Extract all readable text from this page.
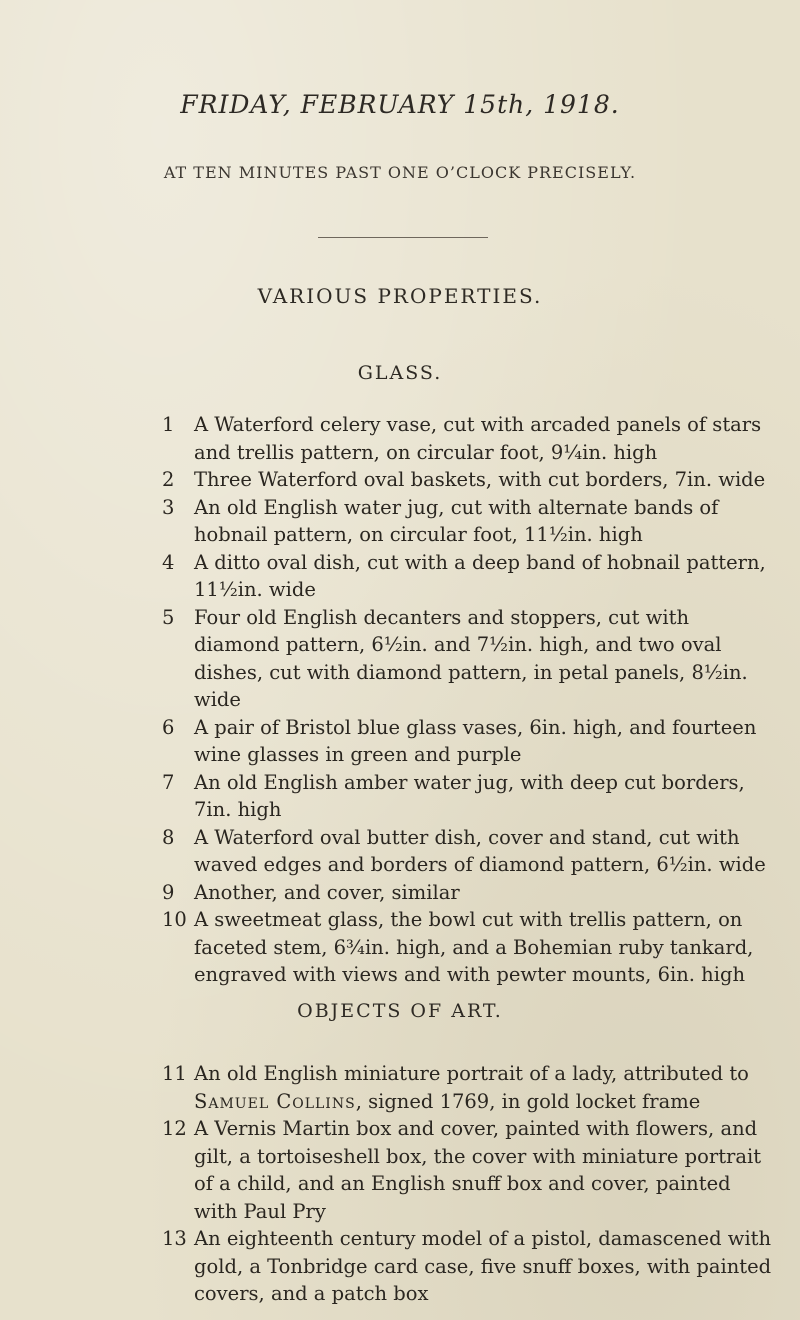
FRIDAY, FEBRUARY 15th, 1918.
AT TEN MINUTES PAST ONE O’CLOCK PRECISELY.
VARIOUS PROPERTIES.
GLASS.
1 A Waterford celery vase, cut with arcaded panels of stars and trellis pattern, on circular foot, 9¼in. high
2 Three Waterford oval baskets, with cut borders, 7in. wide
3 An old English water jug, cut with alternate bands of hobnail pattern, on circular foot, 11½in. high
4 A ditto oval dish, cut with a deep band of hobnail pattern, 11½in. wide
5 Four old English decanters and stoppers, cut with diamond pattern, 6½in. and 7½in. high, and two oval dishes, cut with diamond pattern, in petal panels, 8½in. wide
6 A pair of Bristol blue glass vases, 6in. high, and fourteen wine glasses in green and purple
7 An old English amber water jug, with deep cut borders, 7in. high
8 A Waterford oval butter dish, cover and stand, cut with waved edges and borders of diamond pattern, 6½in. wide
9 Another, and cover, similar
10 A sweetmeat glass, the bowl cut with trellis pattern, on faceted stem, 6¾in. high, and a Bohemian ruby tankard, engraved with views and with pewter mounts, 6in. high
OBJECTS OF ART.
11 An old English miniature portrait of a lady, attributed to Samuel Collins, signed 1769, in gold locket frame
12 A Vernis Martin box and cover, painted with flowers, and gilt, a tortoiseshell box, the cover with miniature portrait of a child, and an English snuff box and cover, painted with Paul Pry
13 An eighteenth century model of a pistol, damascened with gold, a Tonbridge card case, five snuff boxes, with painted covers, and a patch box
